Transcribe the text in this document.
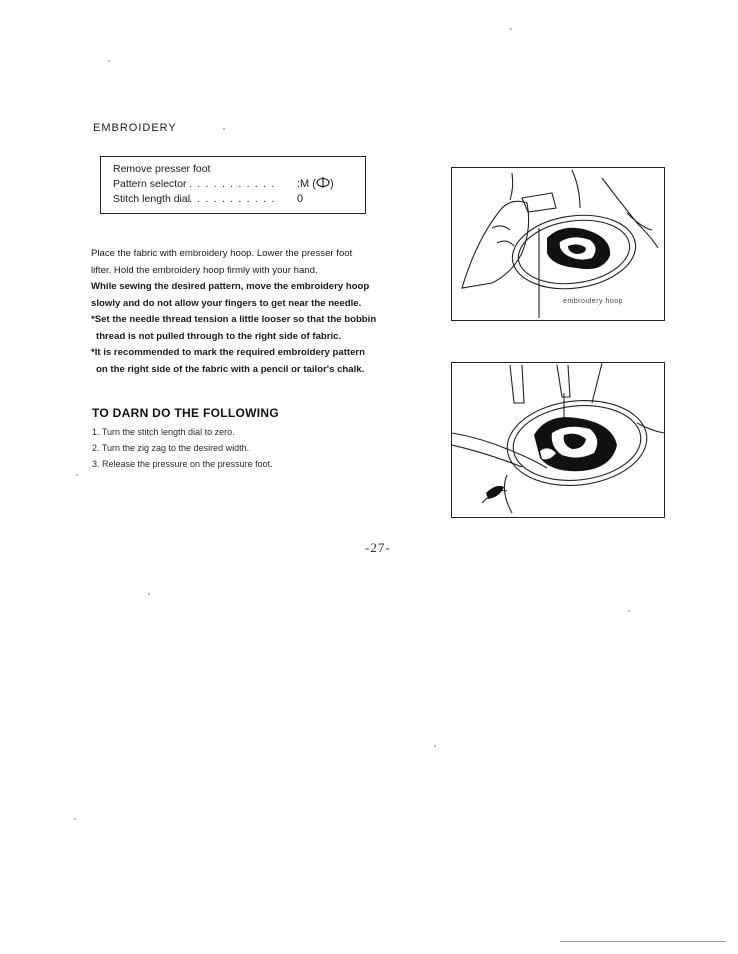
EMBROIDERY
Remove presser foot
Pattern selector . . . . . . . . . . . :M ( )
Stitch length dial
. . . . . . . . . . . 0

Place the fabric with embroidery hoop. Lower the presser foot

lifter. Hold the embroidery hoop firmly with your hand.

While sewing the desired pattern, move the embroidery hoop

slowly and do not allow your fingers to get near the needle.

*Set the needle thread tension a little looser so that the bobbin

thread is not pulled through to the right side of fabric.

*It is recommended to mark the required embroidery pattern

on the right side of the fabric with a pencil or tailor's chalk.

TO DARN DO THE FOLLOWING
1. Turn the stitch length dial to zero.
2. Turn the zig zag to the desired width.
3. Release the pressure on the pressure foot.
embroidery hoop
-27-
